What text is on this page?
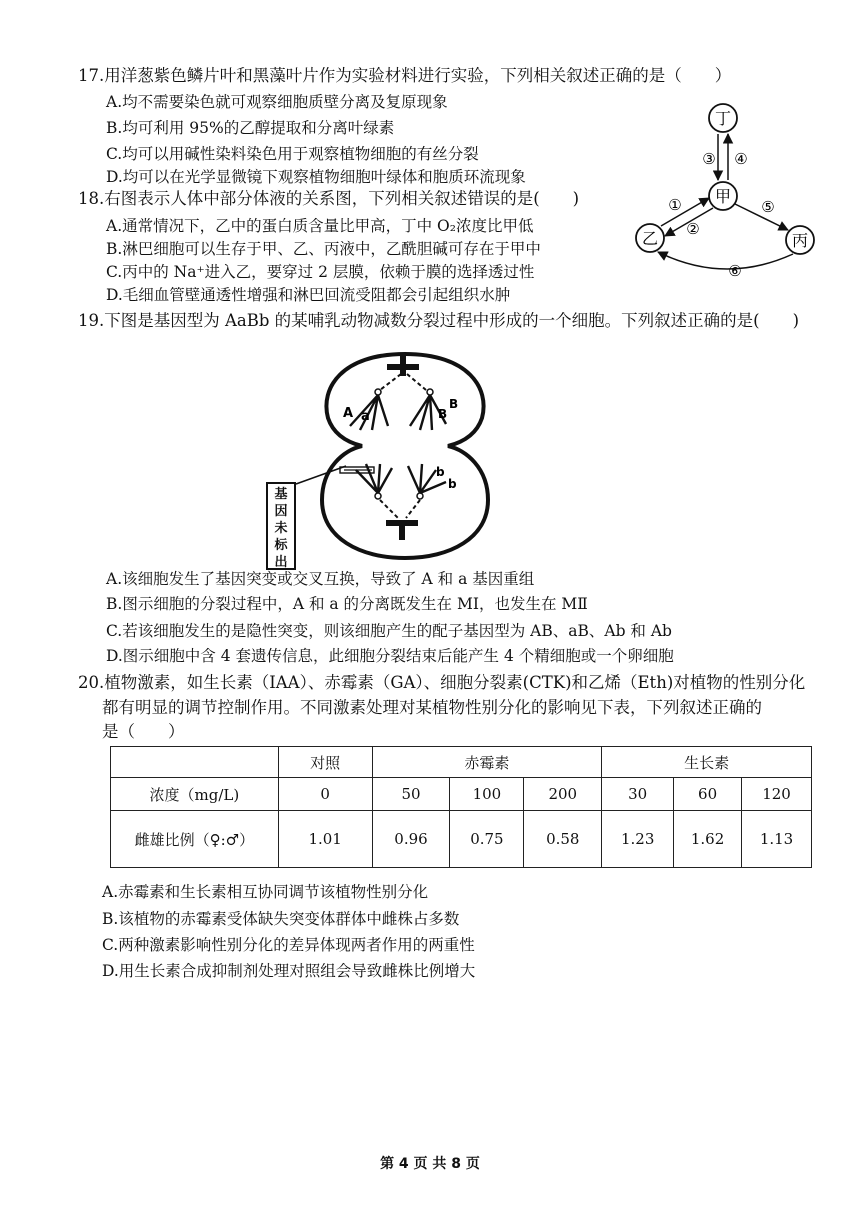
17.用洋葱紫色鳞片叶和黑藻叶片作为实验材料进行实验，下列相关叙述正确的是（　　）
A.均不需要染色就可观察细胞质壁分离及复原现象
B.均可利用 95%的乙醇提取和分离叶绿素
C.均可以用碱性染料染色用于观察植物细胞的有丝分裂
D.均可以在光学显微镜下观察植物细胞叶绿体和胞质环流现象
18.右图表示人体中部分体液的关系图，下列相关叙述错误的是(　　)
A.通常情况下，乙中的蛋白质含量比甲高，丁中 O₂浓度比甲低
B.淋巴细胞可以生存于甲、乙、丙液中，乙酰胆碱可存在于甲中
C.丙中的 Na⁺进入乙，要穿过 2 层膜，依赖于膜的选择透过性
D.毛细血管壁通透性增强和淋巴回流受阻都会引起组织水肿
丁
甲
乙	丙
③ ④
①
②
⑤
⑥
19.下图是基因型为 AaBb 的某哺乳动物减数分裂过程中形成的一个细胞。下列叙述正确的是(　　)
A a
B
B
b
b
基
因
未
标
出
A.该细胞发生了基因突变或交叉互换，导致了 A 和 a 基因重组
B.图示细胞的分裂过程中，A 和 a 的分离既发生在 MⅠ，也发生在 MⅡ
C.若该细胞发生的是隐性突变，则该细胞产生的配子基因型为 AB、aB、Ab 和 Ab
D.图示细胞中含 4 套遗传信息，此细胞分裂结束后能产生 4 个精细胞或一个卵细胞
20.植物激素，如生长素（IAA）、赤霉素（GA）、细胞分裂素(CTK)和乙烯（Eth)对植物的性别分化
都有明显的调节控制作用。不同激素处理对某植物性别分化的影响见下表，下列叙述正确的
是（　　）
	对照	赤霉素			生长素		
浓度（mg/L)	0	50	100	200	30	60	120
雌雄比例（♀:♂）	1.01	0.96	0.75	0.58	1.23	1.62	1.13
A.赤霉素和生长素相互协同调节该植物性别分化
B.该植物的赤霉素受体缺失突变体群体中雌株占多数
C.两种激素影响性别分化的差异体现两者作用的两重性
D.用生长素合成抑制剂处理对照组会导致雌株比例增大
第 4 页 共 8 页
